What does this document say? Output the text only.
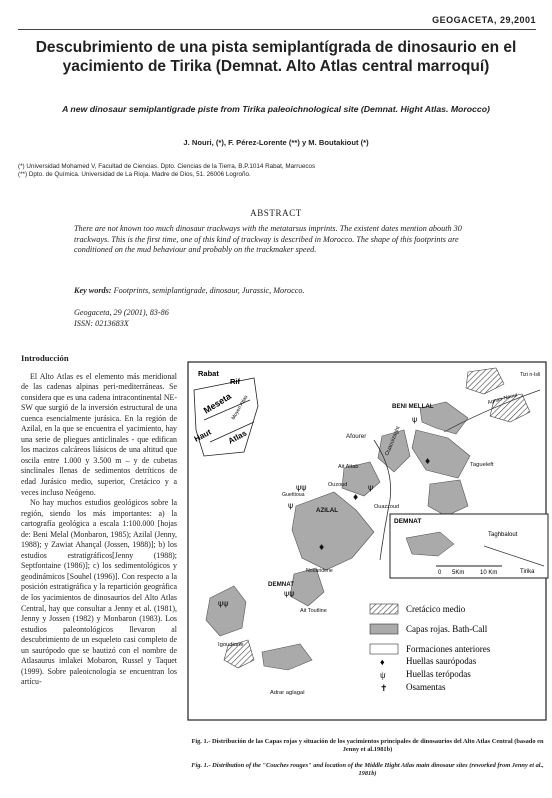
GEOGACETA, 29,2001
Descubrimiento de una pista semiplantígrada de dinosaurio en el yacimiento de Tirika (Demnat. Alto Atlas central marroquí)
A new dinosaur semiplantigrade piste from Tirika paleoichnological site (Demnat. Hight Atlas. Morocco)
J. Nouri, (*), F. Pérez-Lorente (**) y M. Boutakiout (*)
(*) Universidad Mohamed V, Facultad de Ciencias. Dpto. Ciencias de la Tierra, B.P.1014 Rabat, Marruecos
(**) Dpto. de Química. Universidad de La Rioja. Madre de Dios, 51. 26006 Logroño.
ABSTRACT
There are not known too much dinosaur trackways with the metatarsus imprints. The existent dates mention abouth 30 trackways. This is the first time, one of this kind of trackway is described in Morocco. The shape of this footprints are conditioned on the mud behaviour and probably on the trackmaker speed.
Key words: Footprints, semiplantigrade, dinosaur, Jurassic, Morocco.
Geogaceta, 29 (2001), 83-86
ISSN: 0213683X
Introducción

El Alto Atlas es el elemento más meridional de las cadenas alpinas peri-mediterráneas. Se considera que es una cadena intracontinental NE-SW que surgió de la inversión estructural de una cuenca esencialmente jurásica. En la región de Azilal, en la que se encuentra el yacimiento, hay una serie de pliegues anticlinales - que edifican los macizos calcáreos liásicos de una altitud que oscila entre 1.000 y 3.500 m – y de cubetas sinclinales llenas de sedimentos detríticos de edad Jurásico medio, superior, Cretácico y a veces incluso Neógeno.

No hay muchos estudios geológicos sobre la región, siendo los más importantes: a) la cartografía geológica a escala 1:100.000 [hojas de: Beni Melal (Monbaron, 1985); Azilal (Jenny, 1988); y Zawiat Ahançal (Jossen, 1988)]; b) los estudios estratigráficos[Jenny (1988); Septfontaine (1986)]; c) los sedimentológicos y geodinámicos [Souhel (1996)]. Con respecto a la posición estratigráfica y la repartición geográfica de los yacimientos de dinosaurios del Alto Atlas Central, hay que consultar a Jenny et al. (1981), Jenny y Jossen (1982) y Monbaron (1983). Los estudios paleontológicos llevaron al descubrimiento de un esqueleto casi completo de un saurópodo que se bautizó con el nombre de Atlasaurus imlakei Mobaron, Russel y Taquet (1999). Sobre paleoicnología se encuentran los artícu-

Rabat
Rif
Meseta
Haut
Moyen Atlas
Atlas
BENI MELLAL
Tizi n-Isli
Agnan-Naour
Afourer	Ouaouizaght
Tagueleft
Ait Attab
Ouzoud
AZILAL	Ouazzoud
Guettioua
Nouaridene
DEMNAT
Ait Toutline
Igoudiane
Adrar aglagal
ψψ
ψ
ψ
♦
ψ
♦
ψψ
♦
ψψ
DEMNAT
Taghbalout
Tirika
0 5Km	10 Km
Cretácico medio
Capas rojas. Bath-Call
Formaciones anteriores
♦ Huellas saurópodas
ψ Huellas terópodas
✝ Osamentas
Fig. 1.- Distribución de las Capas rojas y situación de los yacimientos principales de dinosaurios del Alto Atlas Central (basado en Jenny et al.1981b)
Fig. 1.- Distribution of the "Couches rouges" and location of the Middle Hight Atlas main dinosaur sites (reworked from Jenny et al., 1981b)
